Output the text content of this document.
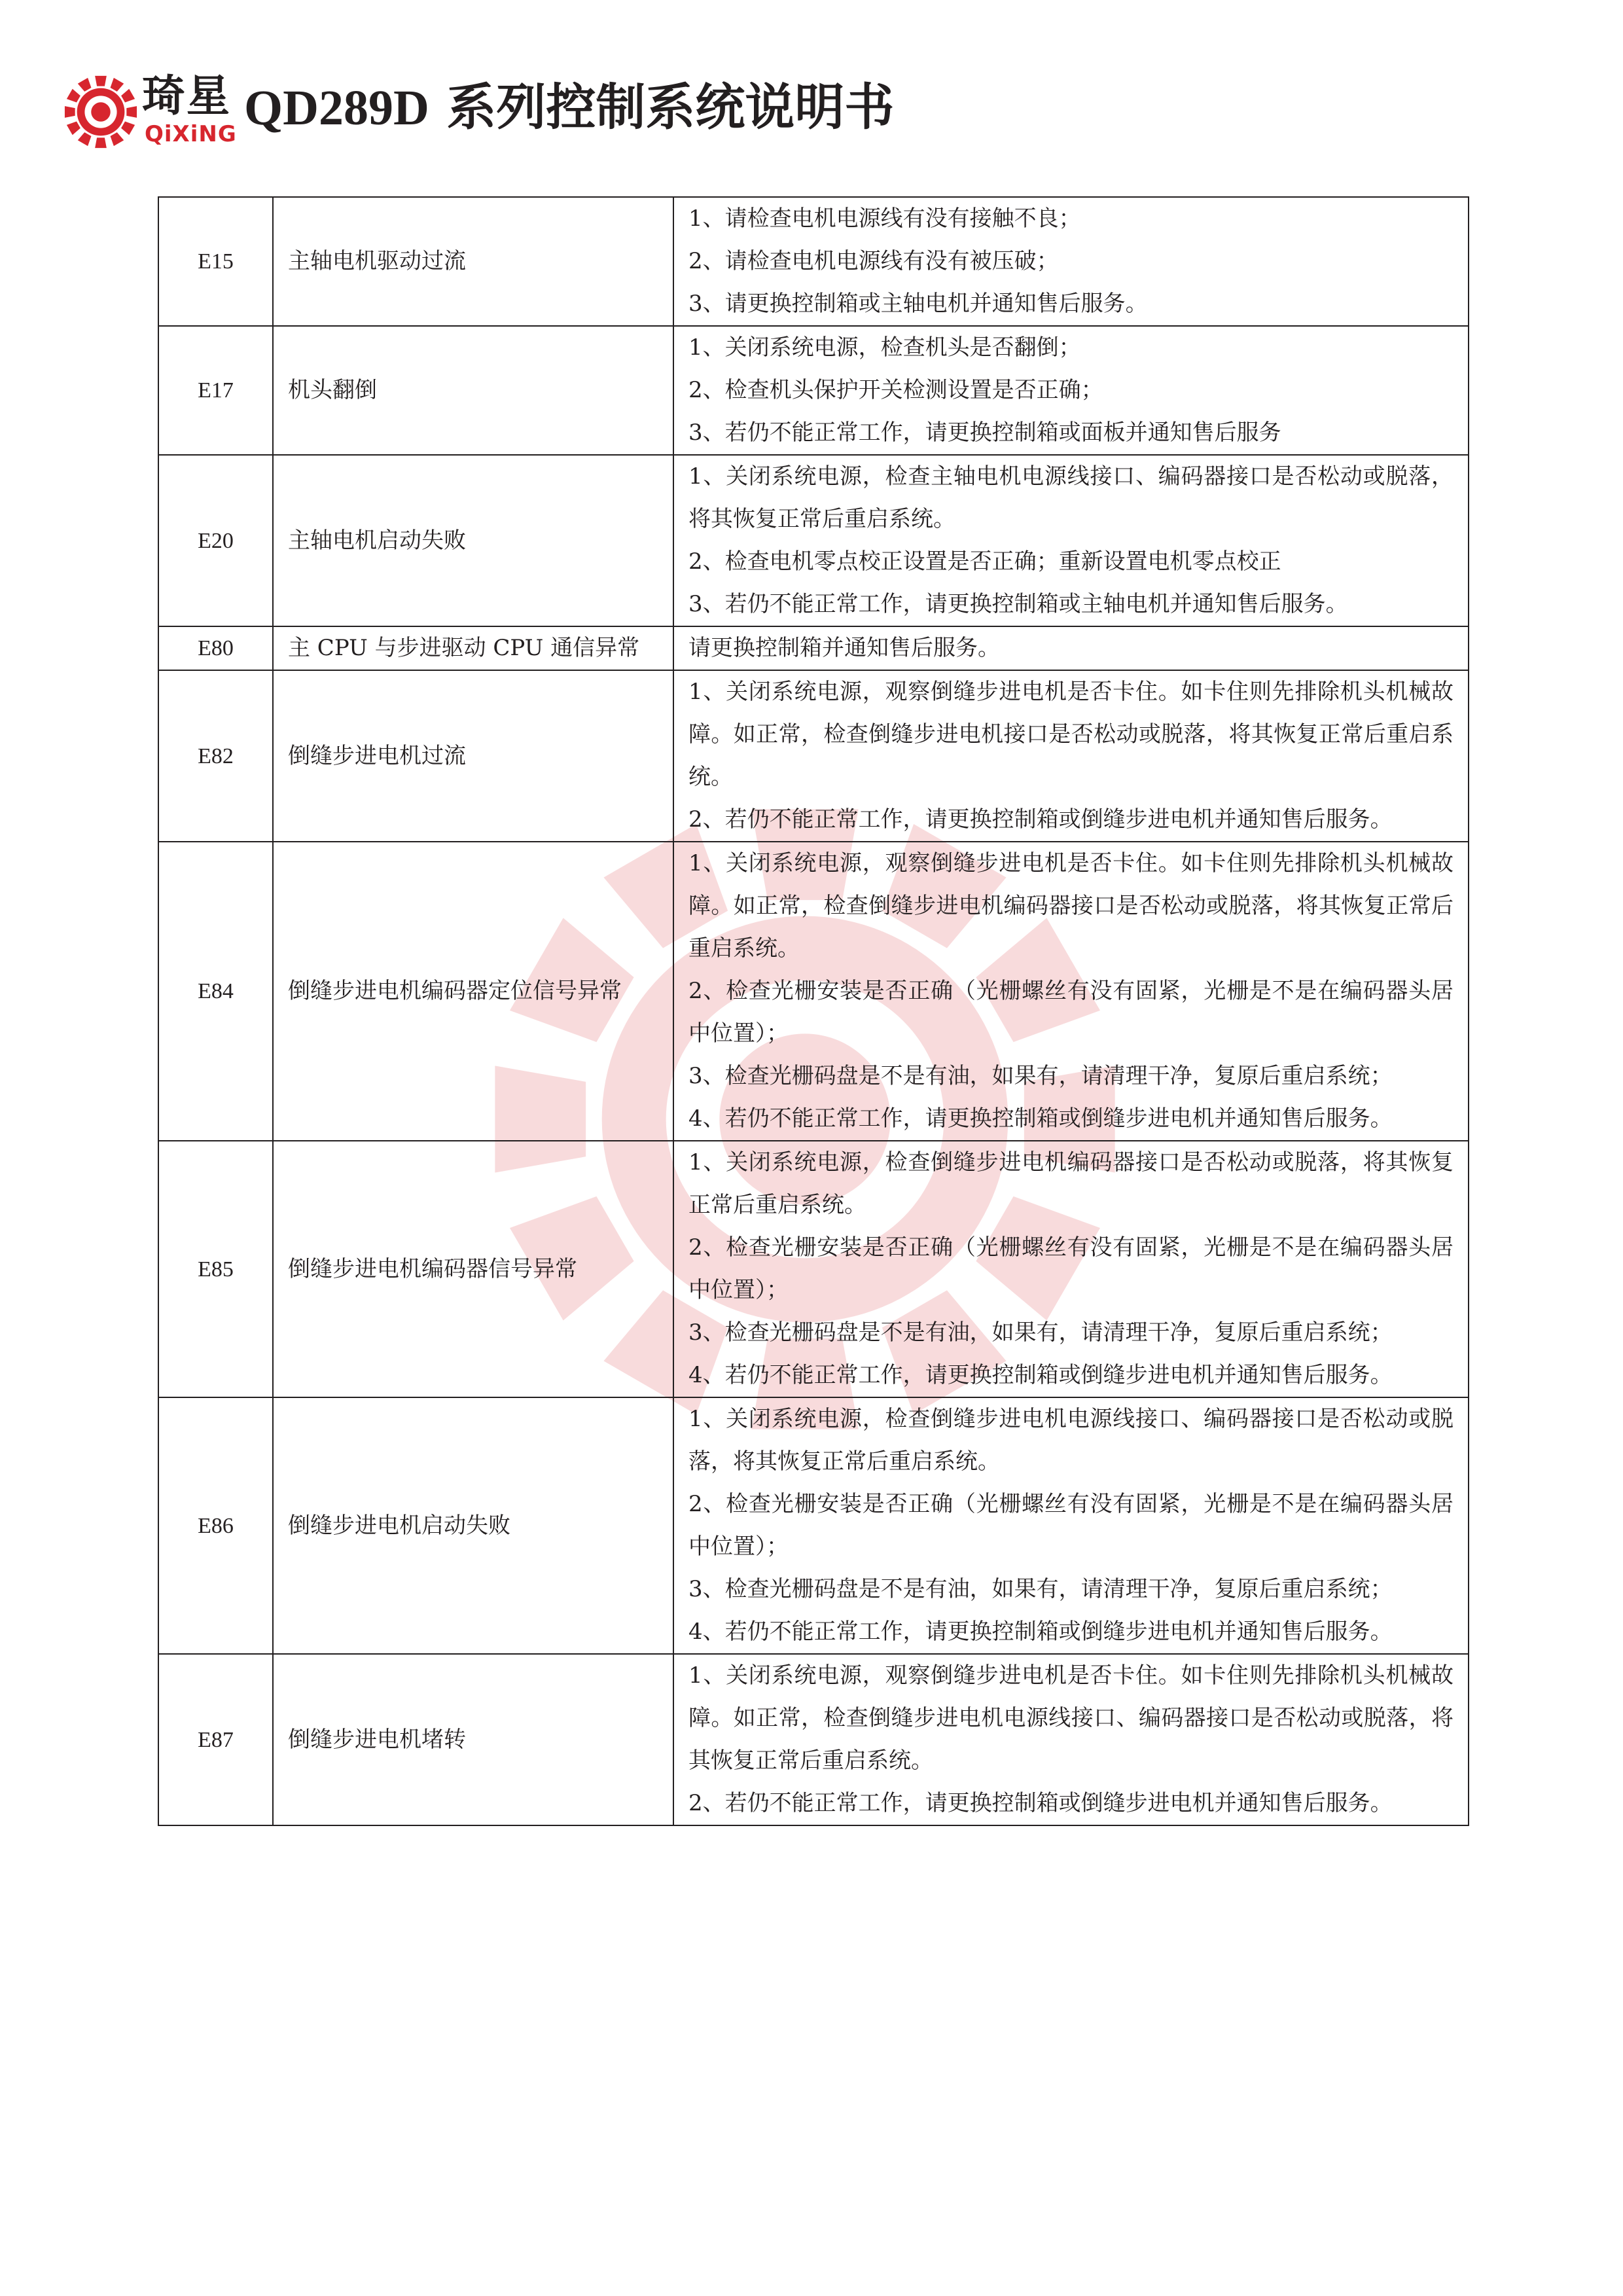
琦星
QiXiNG QD289D 系列控制系统说明书
E15	主轴电机驱动过流	1、请检查电机电源线有没有接触不良；
2、请检查电机电源线有没有被压破；
3、请更换控制箱或主轴电机并通知售后服务。

E17	机头翻倒	1、关闭系统电源，检查机头是否翻倒；
2、检查机头保护开关检测设置是否正确；
3、若仍不能正常工作，请更换控制箱或面板并通知售后服务

E20	主轴电机启动失败	1、关闭系统电源，检查主轴电机电源线接口、编码器接口是否松动或脱落，将其恢复正常后重启系统。
2、检查电机零点校正设置是否正确；重新设置电机零点校正
3、若仍不能正常工作，请更换控制箱或主轴电机并通知售后服务。

E80	主 CPU 与步进驱动 CPU 通信异常	请更换控制箱并通知售后服务。

E82	倒缝步进电机过流	1、关闭系统电源，观察倒缝步进电机是否卡住。如卡住则先排除机头机械故障。如正常，检查倒缝步进电机接口是否松动或脱落，将其恢复正常后重启系统。
2、若仍不能正常工作，请更换控制箱或倒缝步进电机并通知售后服务。

E84	倒缝步进电机编码器定位信号异常	1、关闭系统电源，观察倒缝步进电机是否卡住。如卡住则先排除机头机械故障。如正常，检查倒缝步进电机编码器接口是否松动或脱落，将其恢复正常后重启系统。
2、检查光栅安装是否正确（光栅螺丝有没有固紧，光栅是不是在编码器头居中位置）；
3、检查光栅码盘是不是有油，如果有，请清理干净，复原后重启系统；
4、若仍不能正常工作，请更换控制箱或倒缝步进电机并通知售后服务。

E85	倒缝步进电机编码器信号异常	1、关闭系统电源，检查倒缝步进电机编码器接口是否松动或脱落，将其恢复正常后重启系统。
2、检查光栅安装是否正确（光栅螺丝有没有固紧，光栅是不是在编码器头居中位置）；
3、检查光栅码盘是不是有油，如果有，请清理干净，复原后重启系统；
4、若仍不能正常工作，请更换控制箱或倒缝步进电机并通知售后服务。

E86	倒缝步进电机启动失败	1、关闭系统电源，检查倒缝步进电机电源线接口、编码器接口是否松动或脱落，将其恢复正常后重启系统。
2、检查光栅安装是否正确（光栅螺丝有没有固紧，光栅是不是在编码器头居中位置）；
3、检查光栅码盘是不是有油，如果有，请清理干净，复原后重启系统；
4、若仍不能正常工作，请更换控制箱或倒缝步进电机并通知售后服务。

E87	倒缝步进电机堵转	1、关闭系统电源，观察倒缝步进电机是否卡住。如卡住则先排除机头机械故障。如正常，检查倒缝步进电机电源线接口、编码器接口是否松动或脱落，将其恢复正常后重启系统。
2、若仍不能正常工作，请更换控制箱或倒缝步进电机并通知售后服务。
